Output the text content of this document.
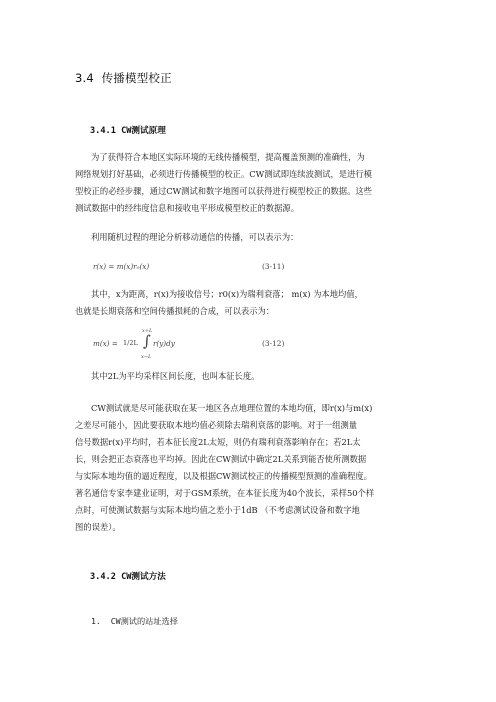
3.4 传播模型校正
3.4.1 CW测试原理
为了获得符合本地区实际环境的无线传播模型，提高覆盖预测的准确性，为
网络规划打好基础，必须进行传播模型的校正。CW测试即连续波测试，是进行模
型校正的必经步骤，通过CW测试和数字地图可以获得进行模型校正的数据。这些
测试数据中的经纬度信息和接收电平形成模型校正的数据源。
利用随机过程的理论分析移动通信的传播，可以表示为：
r(x) = m(x)r₀(x)	(3-11)
其中，x为距离，r(x)为接收信号；r0(x)为瑞利衰落； m(x) 为本地均值，
也就是长期衰落和空间传播损耗的合成，可以表示为：
m(x) = 1/2L
x+L
∫
x−L
r(y)dy	(3-12)
其中2L为平均采样区间长度，也叫本征长度。
CW测试就是尽可能获取在某一地区各点地理位置的本地均值，即r(x)与m(x)
之差尽可能小，因此要获取本地均值必须除去瑞利衰落的影响。对于一组测量
信号数据r(x)平均时，若本征长度2L太短，则仍有瑞利衰落影响存在；若2L太
长，则会把正态衰落也平均掉。因此在CW测试中确定2L关系到能否使所测数据
与实际本地均值的逼近程度，以及根据CW测试校正的传播模型预测的准确程度。
著名通信专家李建业证明，对于GSM系统，在本征长度为40个波长，采样50个样
点时，可使测试数据与实际本地均值之差小于1dB （不考虑测试设备和数字地
图的误差）。
3.4.2 CW测试方法
1. CW测试的站址选择
